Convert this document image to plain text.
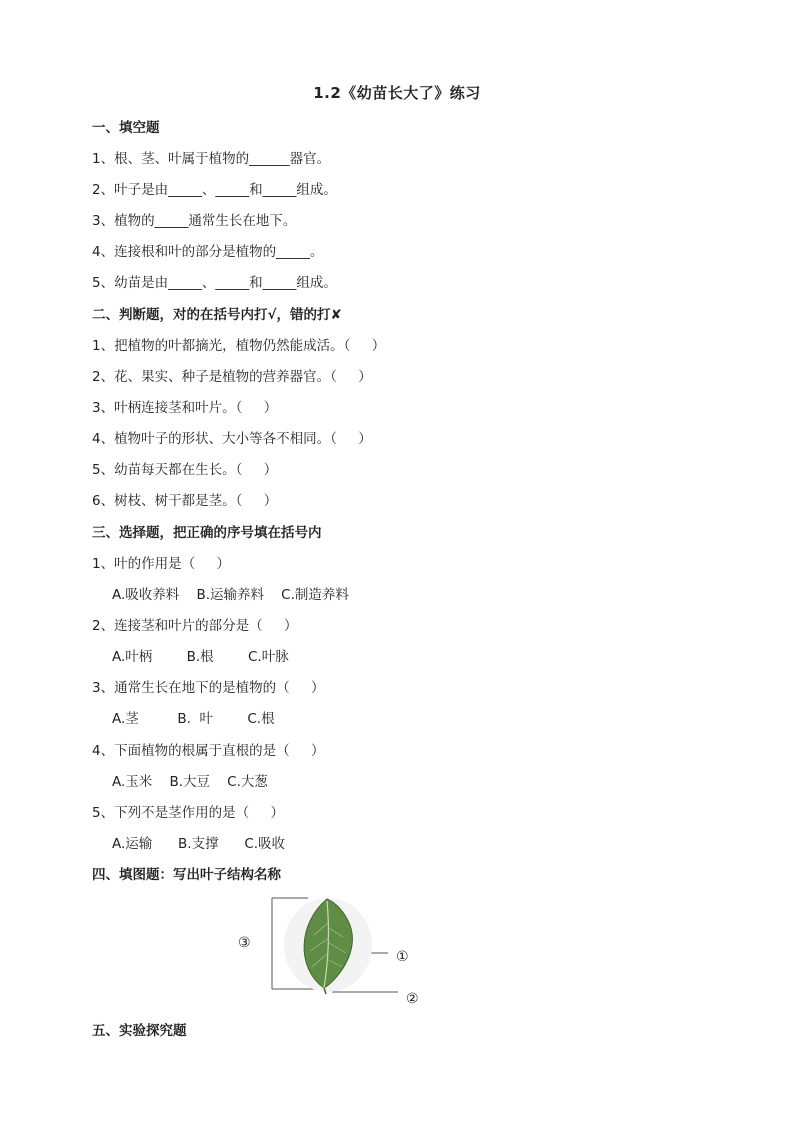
1.2《幼苗长大了》练习
一、填空题
1、根、茎、叶属于植物的______器官。
2、叶子是由_____、_____和_____组成。
3、植物的_____通常生长在地下。
4、连接根和叶的部分是植物的_____。
5、幼苗是由_____、_____和_____组成。
二、判断题，对的在括号内打√，错的打✘
1、把植物的叶都摘光，植物仍然能成活。（     ）
2、花、果实、种子是植物的营养器官。（     ）
3、叶柄连接茎和叶片。（     ）
4、植物叶子的形状、大小等各不相同。（     ）
5、幼苗每天都在生长。（     ）
6、树枝、树干都是茎。（     ）
三、选择题，把正确的序号填在括号内
1、叶的作用是（     ）
A.吸收养料    B.运输养料    C.制造养料
2、连接茎和叶片的部分是（     ）
A.叶柄        B.根        C.叶脉
3、通常生长在地下的是植物的（     ）
A.茎         B.  叶        C.根
4、下面植物的根属于直根的是（     ）
A.玉米    B.大豆    C.大葱
5、下列不是茎作用的是（     ）
A.运输      B.支撑      C.吸收
四、填图题：写出叶子结构名称
③
①
②
五、实验探究题
